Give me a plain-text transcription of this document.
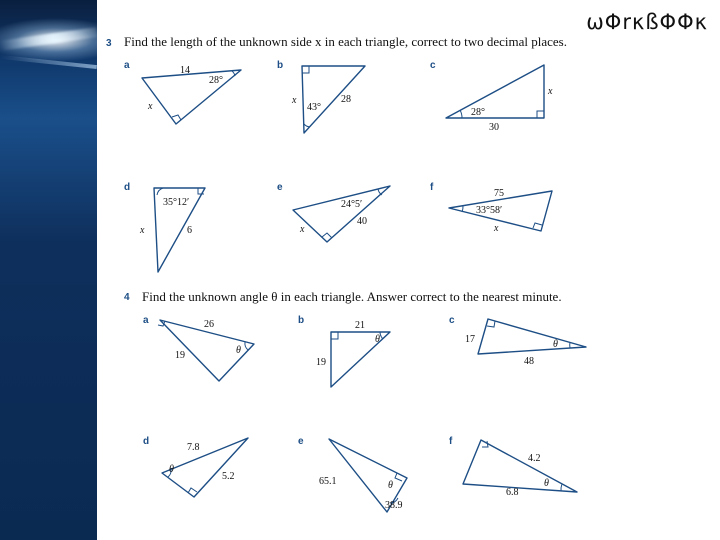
ωΦrκßΦΦκ
3 Find the length of the unknown side x in each triangle, correct to two decimal places.
4 Find the unknown angle θ in each triangle. Answer correct to the nearest minute.
a	b	c
d	e	f
a	b	c
d	e	f
14
28°
x
x
43°
28
x
28°
30
35°12′
x	6
24°5′
40
x
75
33°58′
x
26
θ
19
21
θ
19
17	θ
48
7.8
θ
5.2	65.1	θ
38.9
4.2
θ
6.8
